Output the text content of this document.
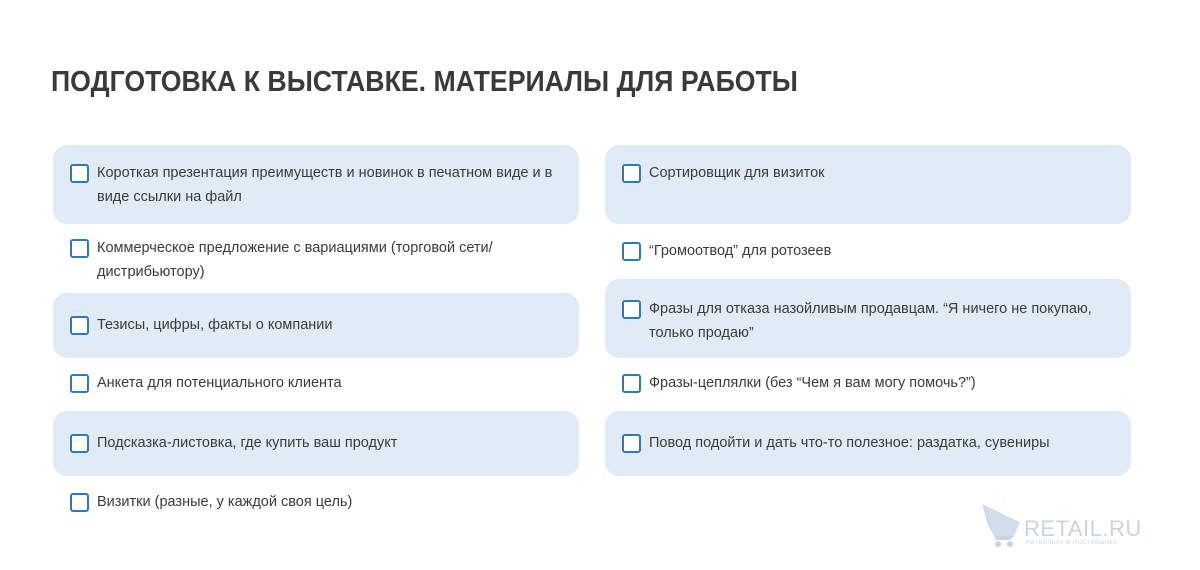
ПОДГОТОВКА К ВЫСТАВКЕ. МАТЕРИАЛЫ ДЛЯ РАБОТЫ
Короткая презентация преимуществ и новинок в печатном виде и в виде ссылки на файл
Коммерческое предложение с вариациями (торговой сети/дистрибьютору)
Тезисы, цифры, факты о компании
Анкета для потенциального клиента
Подсказка-листовка, где купить ваш продукт
Визитки (разные, у каждой своя цель)
Сортировщик для визиток
“Громоотвод” для ротозеев
Фразы для отказа назойливым продавцам. “Я ничего не покупаю, только продаю”
Фразы-цеплялки (без “Чем я вам могу помочь?”)
Повод подойти и дать что-то полезное: раздатка, сувениры
RETAIL.RU
РИТЕЙЛЕРУ И ПОСТАВЩИКУ
